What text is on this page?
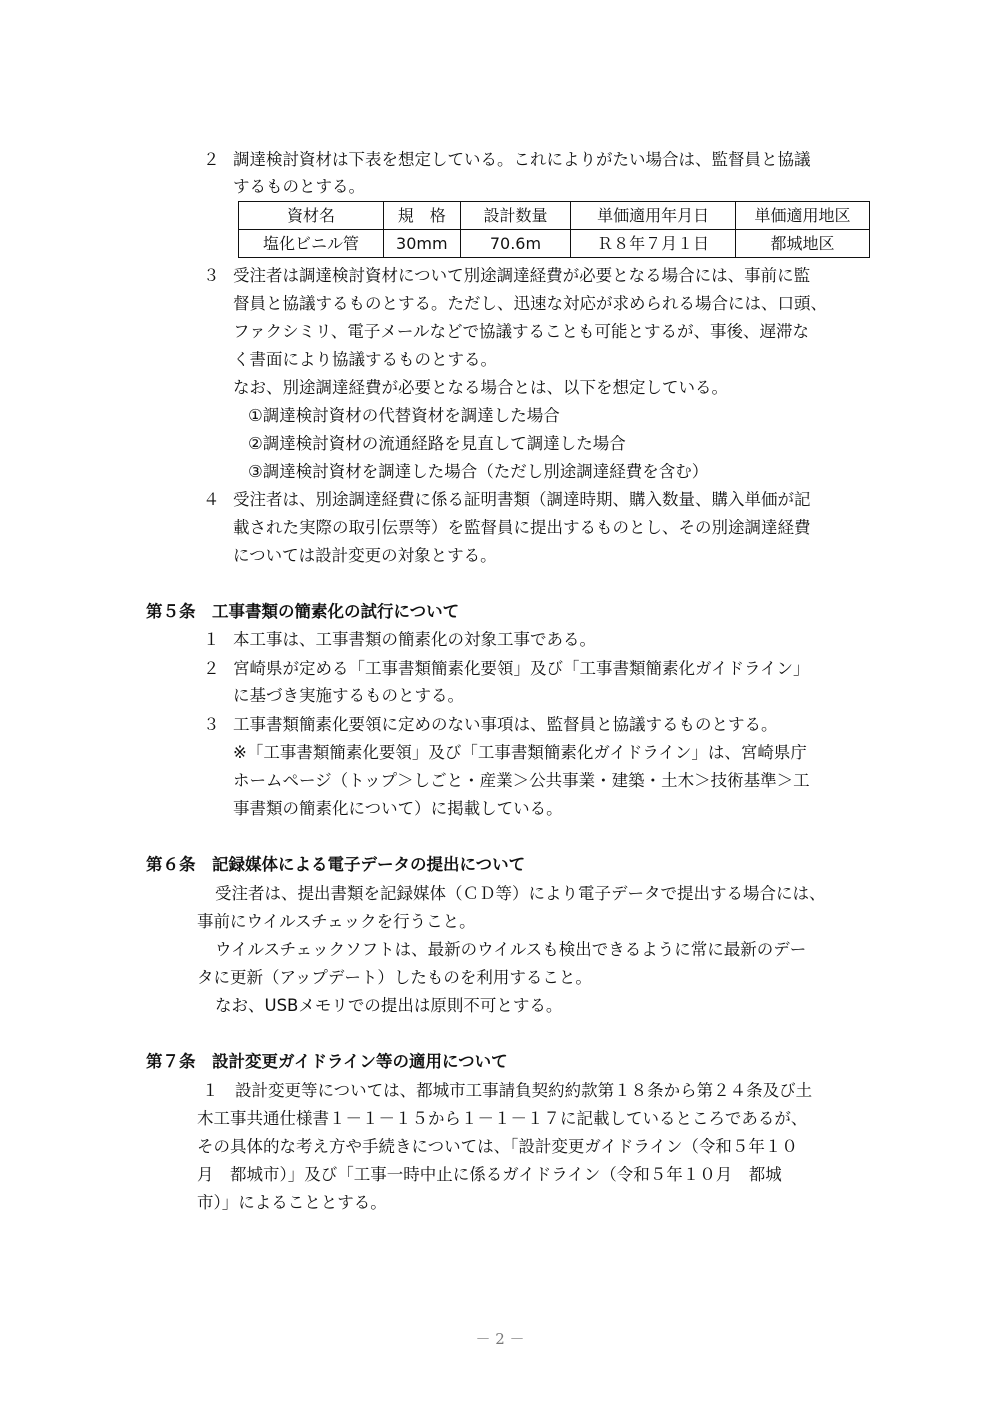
２ 調達検討資材は下表を想定している。これによりがたい場合は、監督員と協議
するものとする。
資材名	規　格	設計数量	単価適用年月日	単価適用地区
塩化ビニル管	30mm	70.6m	Ｒ８年７月１日	都城地区
３ 受注者は調達検討資材について別途調達経費が必要となる場合には、事前に監
督員と協議するものとする。ただし、迅速な対応が求められる場合には、口頭、
ファクシミリ、電子メールなどで協議することも可能とするが、事後、遅滞な
く書面により協議するものとする。
なお、別途調達経費が必要となる場合とは、以下を想定している。
①調達検討資材の代替資材を調達した場合
②調達検討資材の流通経路を見直して調達した場合
③調達検討資材を調達した場合（ただし別途調達経費を含む）
４ 受注者は、別途調達経費に係る証明書類（調達時期、購入数量、購入単価が記
載された実際の取引伝票等）を監督員に提出するものとし、その別途調達経費
については設計変更の対象とする。
第５条　工事書類の簡素化の試行について
１ 本工事は、工事書類の簡素化の対象工事である。
２ 宮崎県が定める「工事書類簡素化要領」及び「工事書類簡素化ガイドライン」
に基づき実施するものとする。
３ 工事書類簡素化要領に定めのない事項は、監督員と協議するものとする。
※「工事書類簡素化要領」及び「工事書類簡素化ガイドライン」は、宮崎県庁
ホームページ（トップ＞しごと・産業＞公共事業・建築・土木＞技術基準＞工
事書類の簡素化について）に掲載している。
第６条　記録媒体による電子データの提出について
受注者は、提出書類を記録媒体（ＣＤ等）により電子データで提出する場合には、
事前にウイルスチェックを行うこと。
ウイルスチェックソフトは、最新のウイルスも検出できるように常に最新のデー
タに更新（アップデート）したものを利用すること。
なお、USBメモリでの提出は原則不可とする。
第７条　設計変更ガイドライン等の適用について
１　設計変更等については、都城市工事請負契約約款第１８条から第２４条及び土
木工事共通仕様書１－１－１５から１－１－１７に記載しているところであるが、
その具体的な考え方や手続きについては、「設計変更ガイドライン（令和５年１０
月　都城市）」及び「工事一時中止に係るガイドライン（令和５年１０月　都城
市）」によることとする。
－ 2 －
